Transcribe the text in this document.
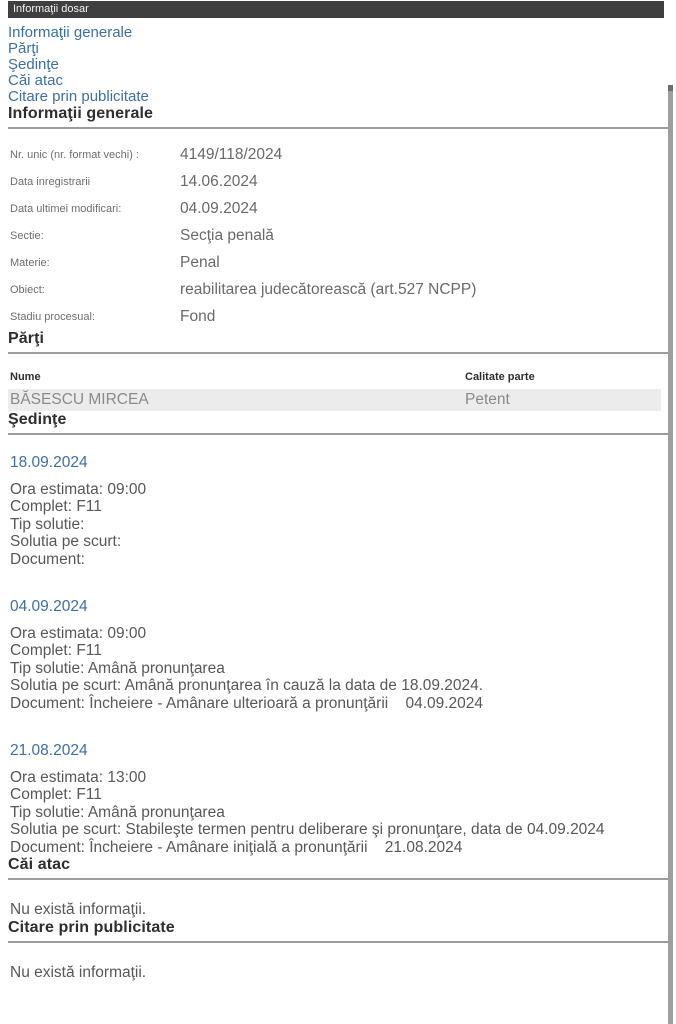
Informaţii dosar
Informaţii generale
Părţi
Şedinţe
Căi atac
Citare prin publicitate
Informaţii generale
Nr. unic (nr. format vechi) :	4149/118/2024
Data inregistrarii	14.06.2024
Data ultimei modificari:	04.09.2024
Sectie:	Secţia penală
Materie:	Penal
Obiect:	reabilitarea judecătorească (art.527 NCPP)
Stadiu procesual:	Fond
Părţi
Nume	Calitate parte
BĂSESCU MIRCEA	Petent
Şedinţe
18.09.2024
Ora estimata: 09:00
Complet: F11
Tip solutie:
Solutia pe scurt:
Document:
04.09.2024
Ora estimata: 09:00
Complet: F11
Tip solutie: Amână pronunţarea
Solutia pe scurt: Amână pronunţarea în cauză la data de 18.09.2024.
Document: Încheiere - Amânare ulterioară a pronunţării    04.09.2024
21.08.2024
Ora estimata: 13:00
Complet: F11
Tip solutie: Amână pronunţarea
Solutia pe scurt: Stabileşte termen pentru deliberare şi pronunţare, data de 04.09.2024
Document: Încheiere - Amânare iniţială a pronunţării    21.08.2024
Căi atac
Nu există informaţii.
Citare prin publicitate
Nu există informaţii.
